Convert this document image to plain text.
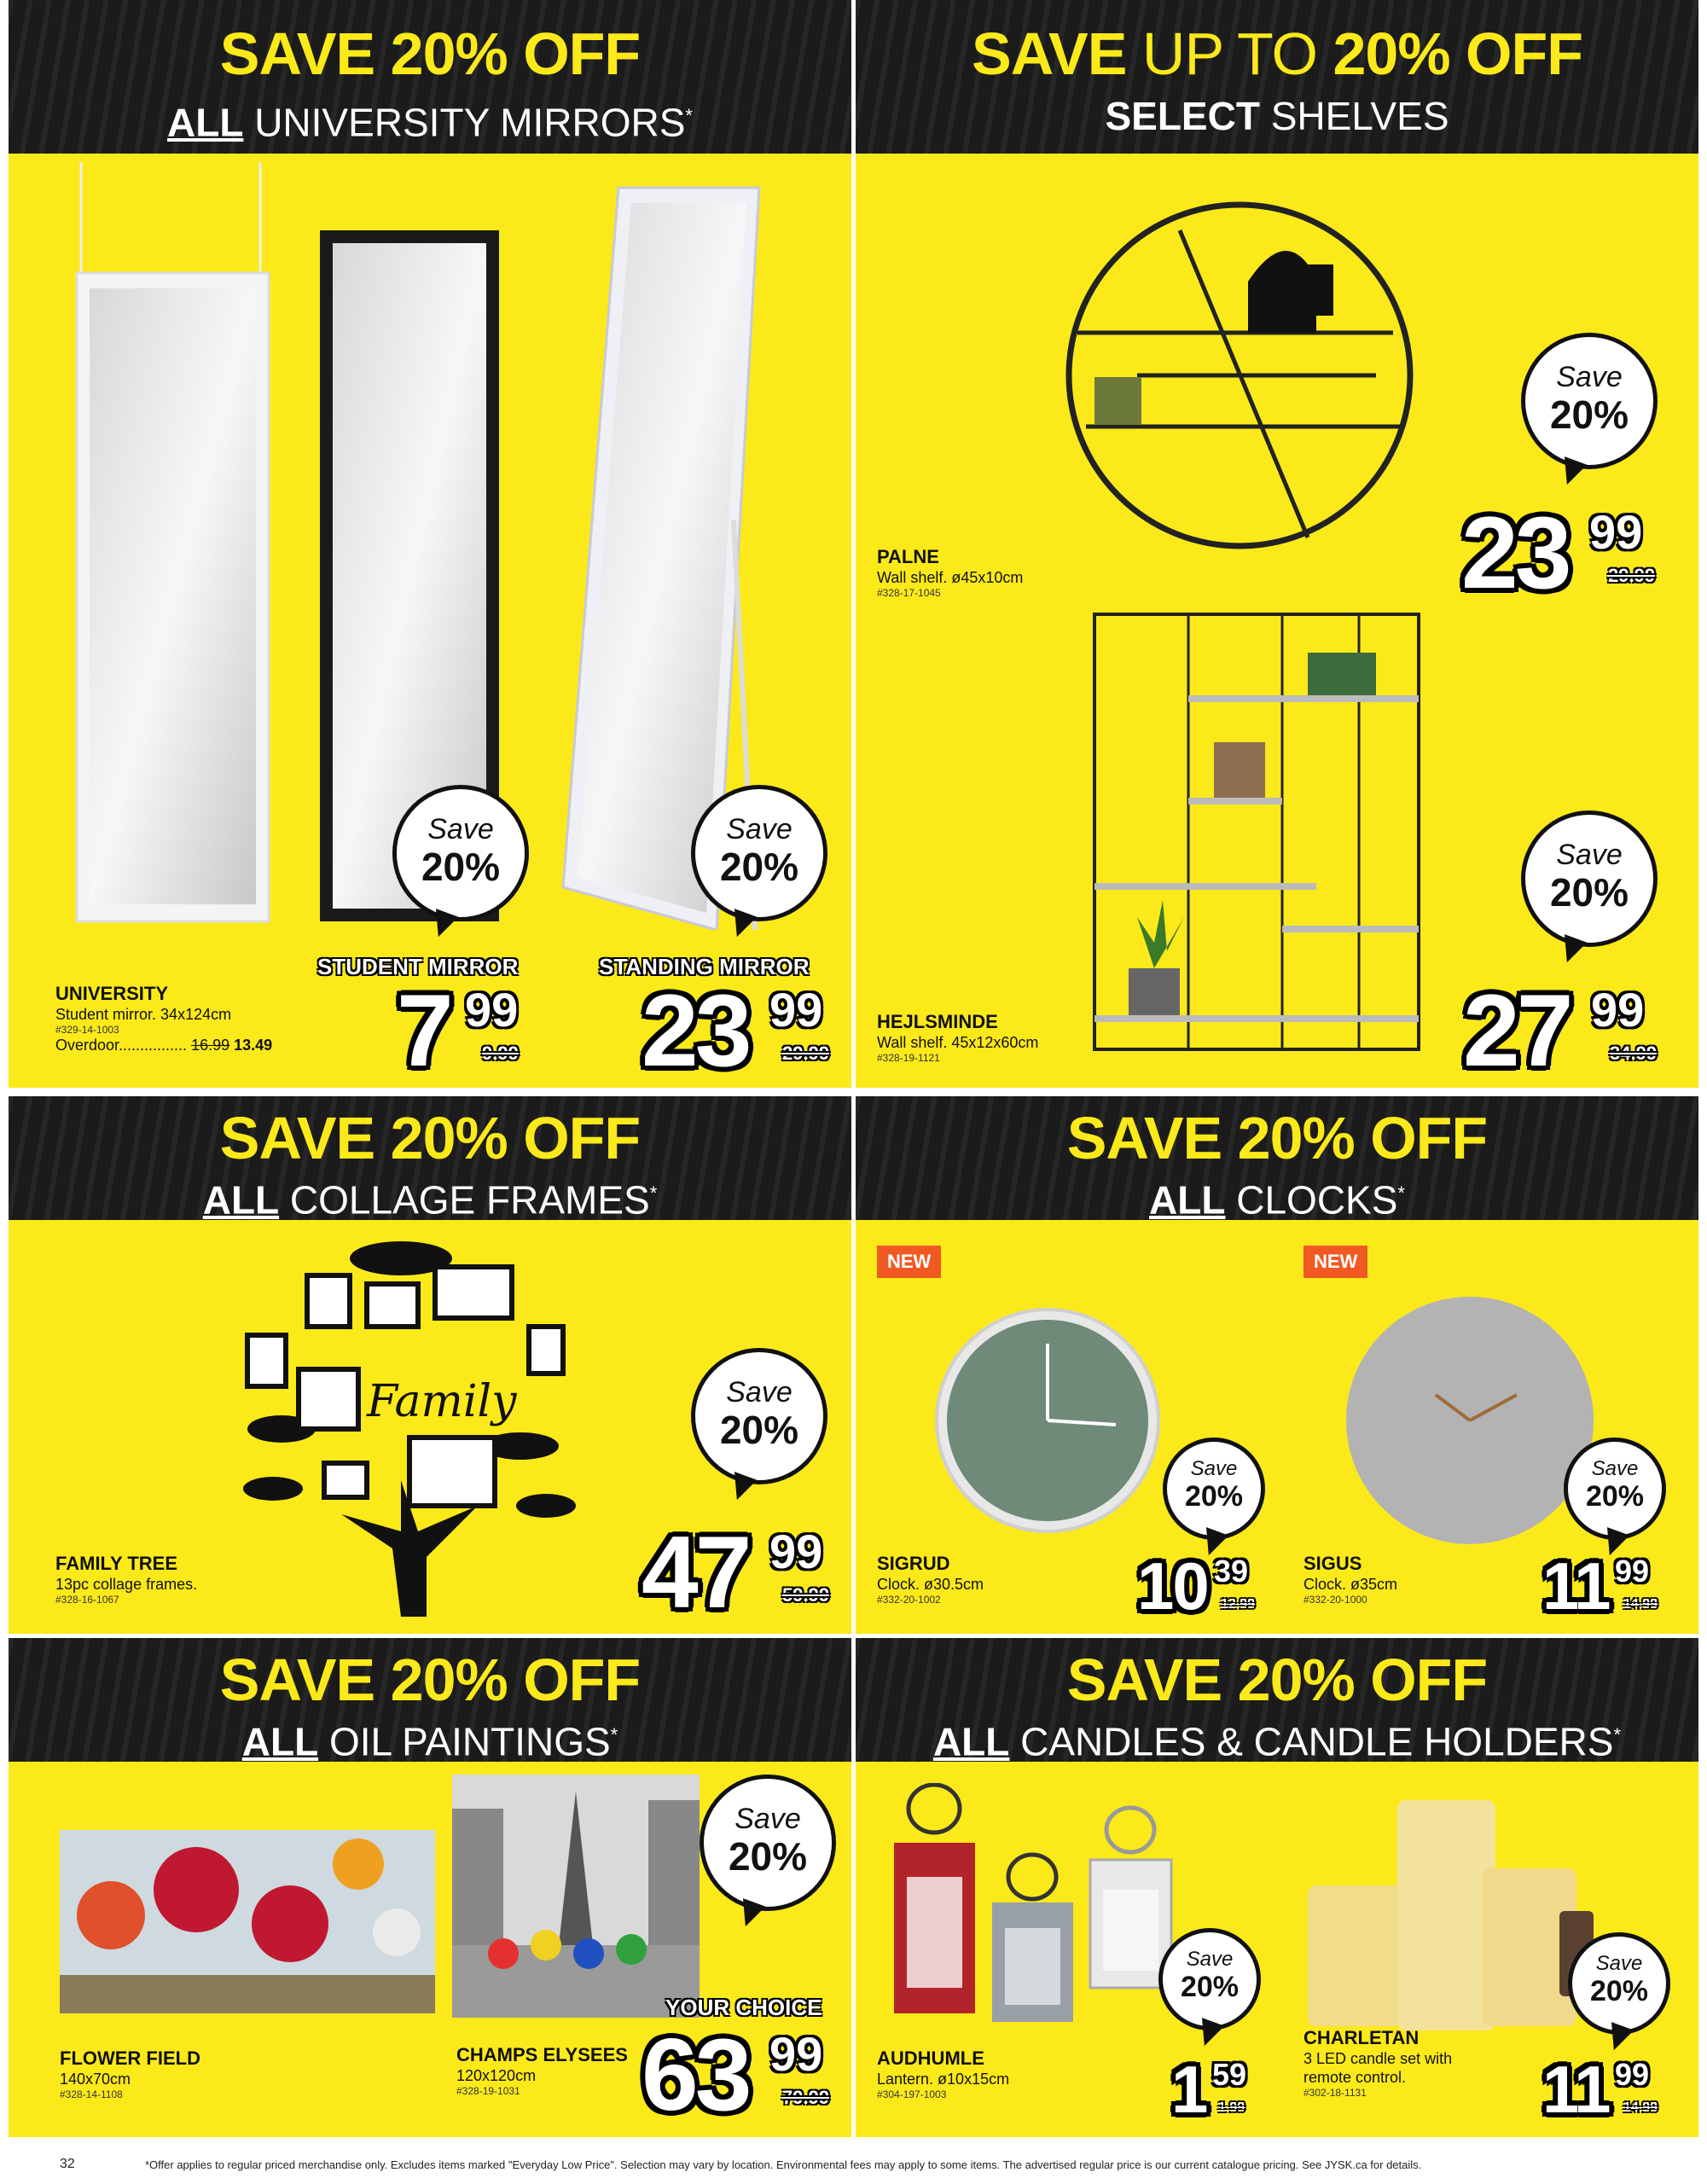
SAVE 20% OFF
ALL UNIVERSITY MIRRORS*
Save
20%
Save
20%
UNIVERSITY
Student mirror. 34x124cm
#329-14-1003
Overdoor................ 16.99 13.49
STUDENT MIRROR
7 99
9.99
STANDING MIRROR
23 99
29.99
SAVE UP TO 20% OFF
SELECT SHELVES
Save
20%
PALNE
Wall shelf. ø45x10cm
#328-17-1045	23 99
29.99
Save
20%
HEJLSMINDE
Wall shelf. 45x12x60cm
#328-19-1121	27 99
34.99
SAVE 20% OFF
ALL COLLAGE FRAMES*
Family	Save
20%
FAMILY TREE
13pc collage frames.
#328-16-1067	47 99
59.99
SAVE 20% OFF
ALL CLOCKS*
NEW	NEW
Save
20%
Save
20%
SIGRUD
Clock. ø30.5cm
#332-20-1002	10 39
12.99
SIGUS
Clock. ø35cm
#332-20-1000	11 99
14.99
SAVE 20% OFF
ALL OIL PAINTINGS*
Save
20%
FLOWER FIELD
140x70cm
#328-14-1108
CHAMPS ELYSEES
120x120cm
#328-19-1031
YOUR CHOICE
63 99
79.99
SAVE 20% OFF
ALL CANDLES & CANDLE HOLDERS*
Save
20%
Save
20%
AUDHUMLE
Lantern. ø10x15cm
#304-197-1003	1 59
1.99
CHARLETAN
3 LED candle set with
remote control.
#302-18-1131	11 99
14.99
32	*Offer applies to regular priced merchandise only. Excludes items marked "Everyday Low Price". Selection may vary by location. Environmental fees may apply to some items. The advertised regular price is our current catalogue pricing. See JYSK.ca for details.
